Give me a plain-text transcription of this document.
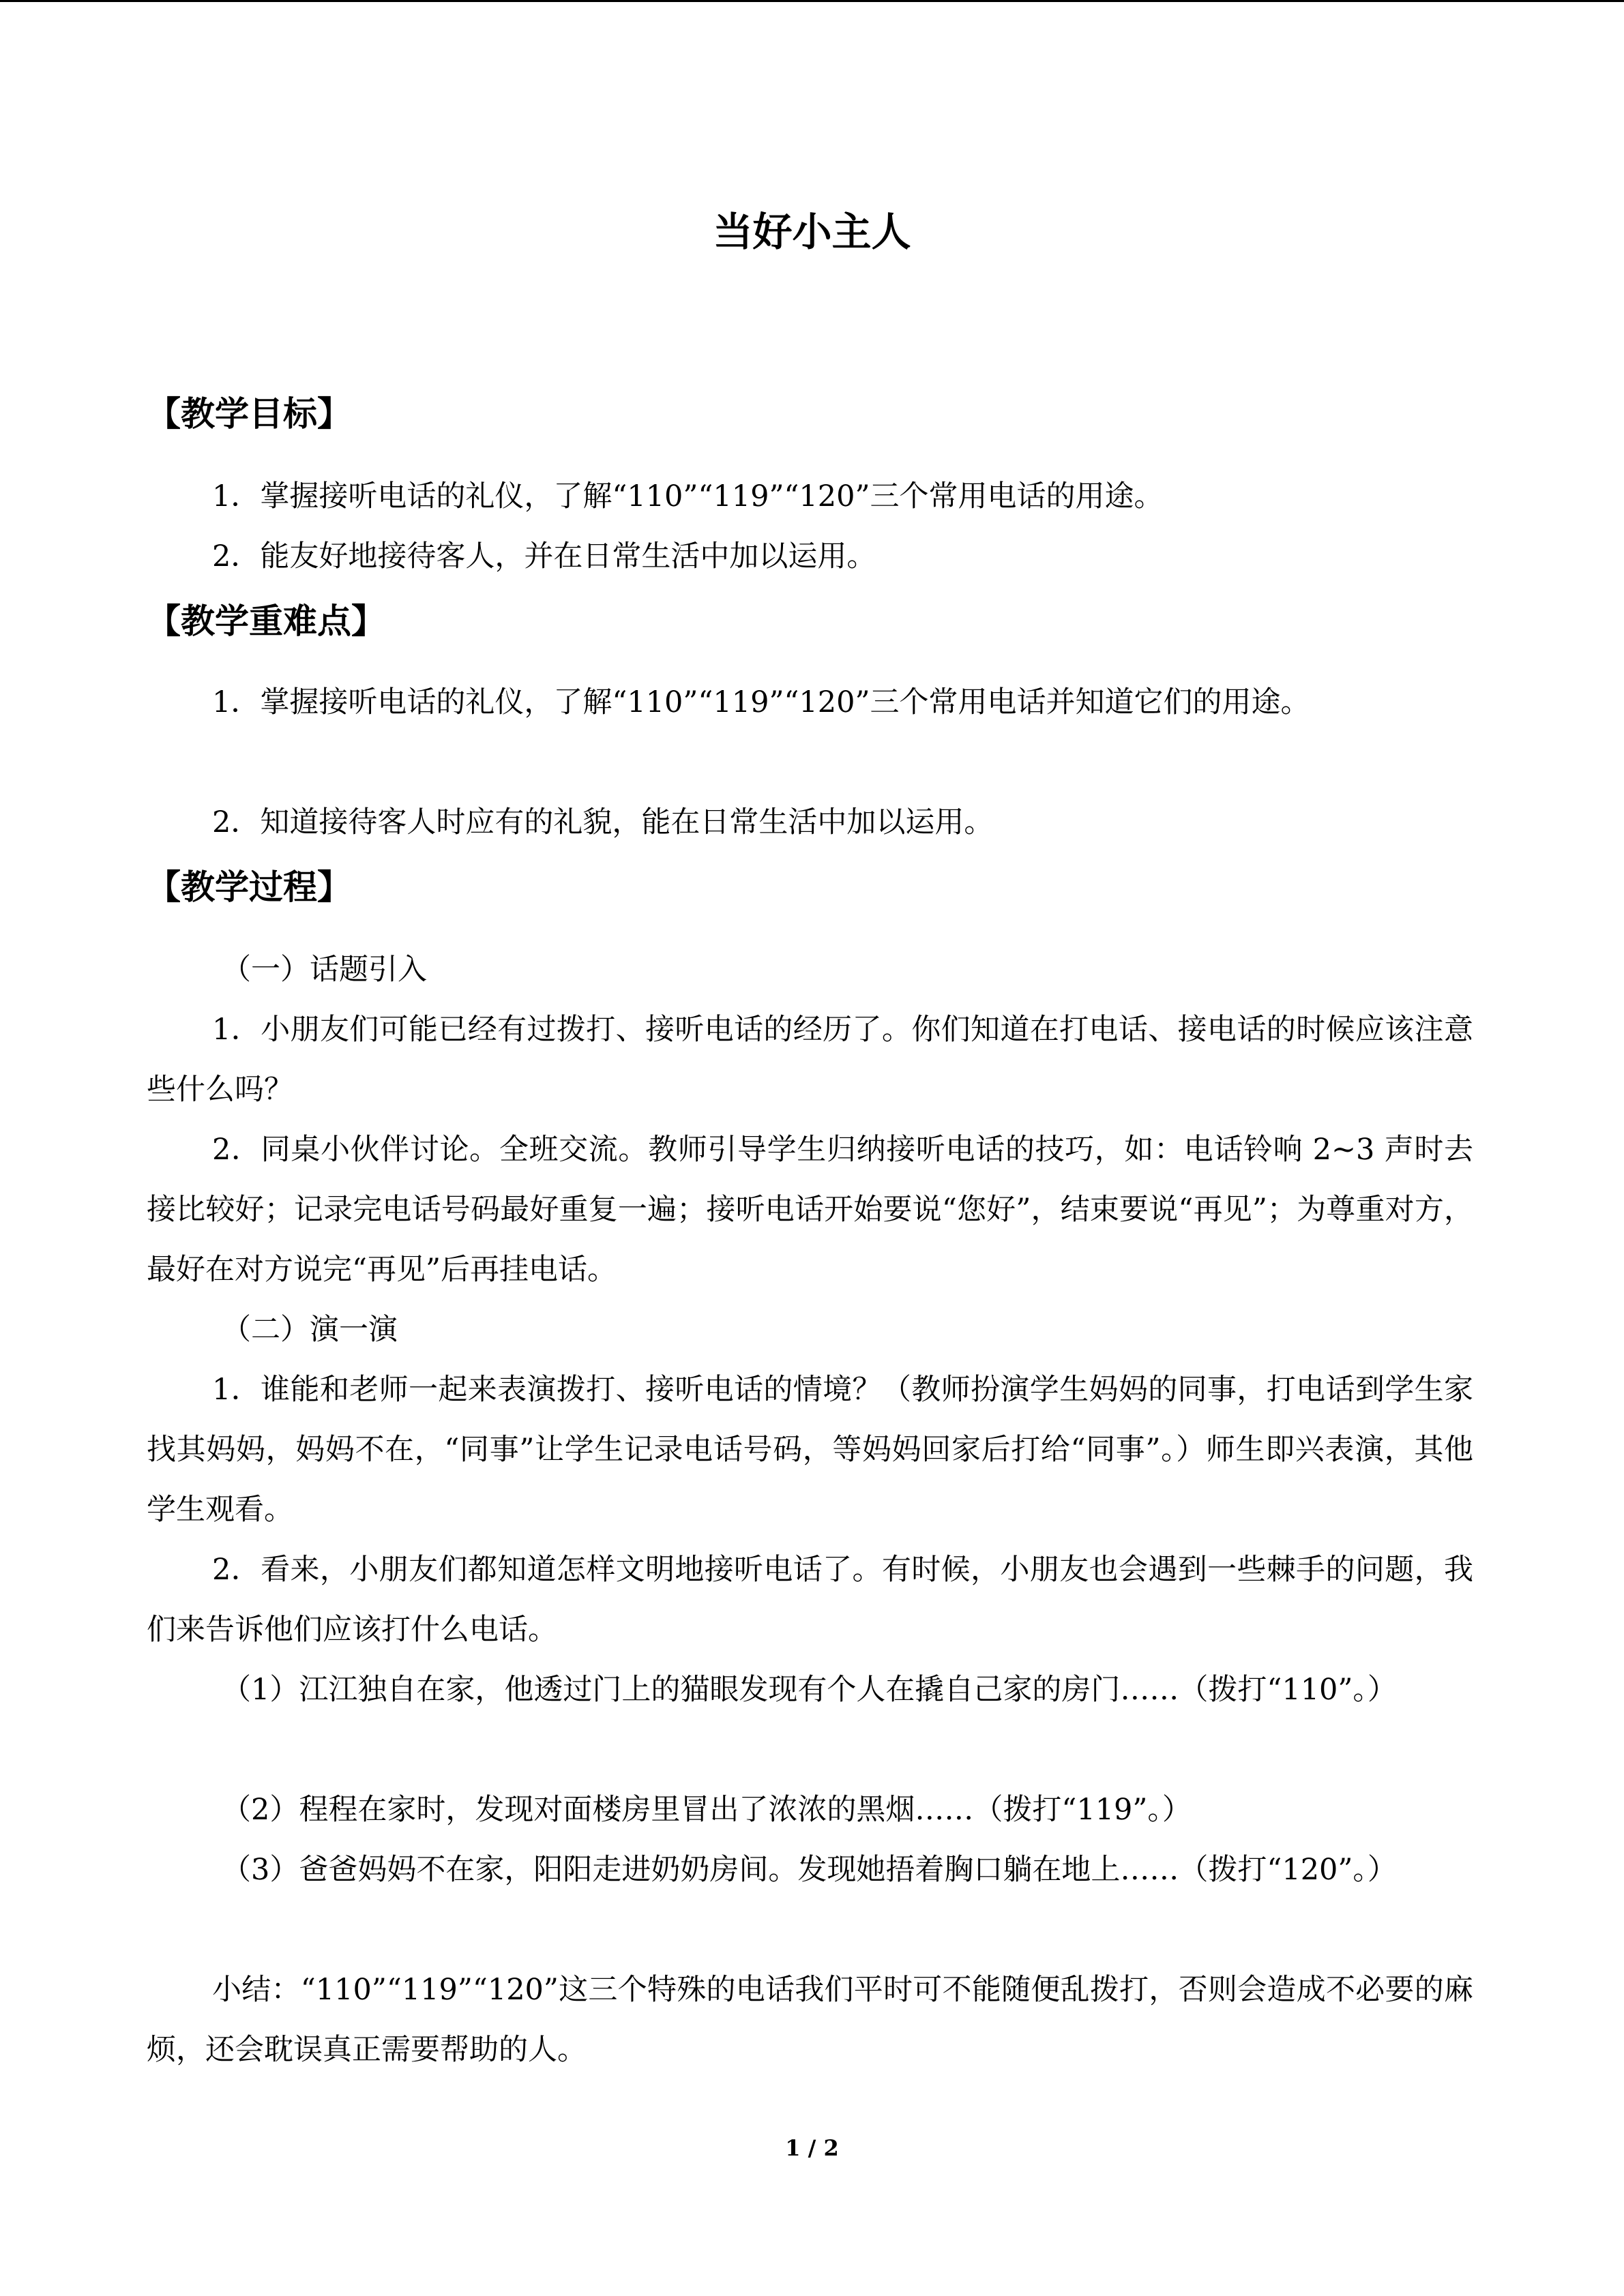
当好小主人
【教学目标】

1．掌握接听电话的礼仪，了解“110”“119”“120”三个常用电话的用途。

2．能友好地接待客人，并在日常生活中加以运用。

【教学重难点】

1．掌握接听电话的礼仪，了解“110”“119”“120”三个常用电话并知道它们的用途。

2．知道接待客人时应有的礼貌，能在日常生活中加以运用。

【教学过程】

（一）话题引入

1．小朋友们可能已经有过拨打、接听电话的经历了。你们知道在打电话、接电话的时候应该注意些什么吗？

2．同桌小伙伴讨论。全班交流。教师引导学生归纳接听电话的技巧，如：电话铃响 2~3 声时去接比较好；记录完电话号码最好重复一遍；接听电话开始要说“您好”，结束要说“再见”；为尊重对方，最好在对方说完“再见”后再挂电话。

（二）演一演

1．谁能和老师一起来表演拨打、接听电话的情境？（教师扮演学生妈妈的同事，打电话到学生家找其妈妈，妈妈不在，“同事”让学生记录电话号码，等妈妈回家后打给“同事”。）师生即兴表演，其他学生观看。

2．看来，小朋友们都知道怎样文明地接听电话了。有时候，小朋友也会遇到一些棘手的问题，我们来告诉他们应该打什么电话。

（1）江江独自在家，他透过门上的猫眼发现有个人在撬自己家的房门……（拨打“110”。）

（2）程程在家时，发现对面楼房里冒出了浓浓的黑烟……（拨打“119”。）

（3）爸爸妈妈不在家，阳阳走进奶奶房间。发现她捂着胸口躺在地上……（拨打“120”。）

小结：“110”“119”“120”这三个特殊的电话我们平时可不能随便乱拨打，否则会造成不必要的麻烦，还会耽误真正需要帮助的人。

1 / 2
